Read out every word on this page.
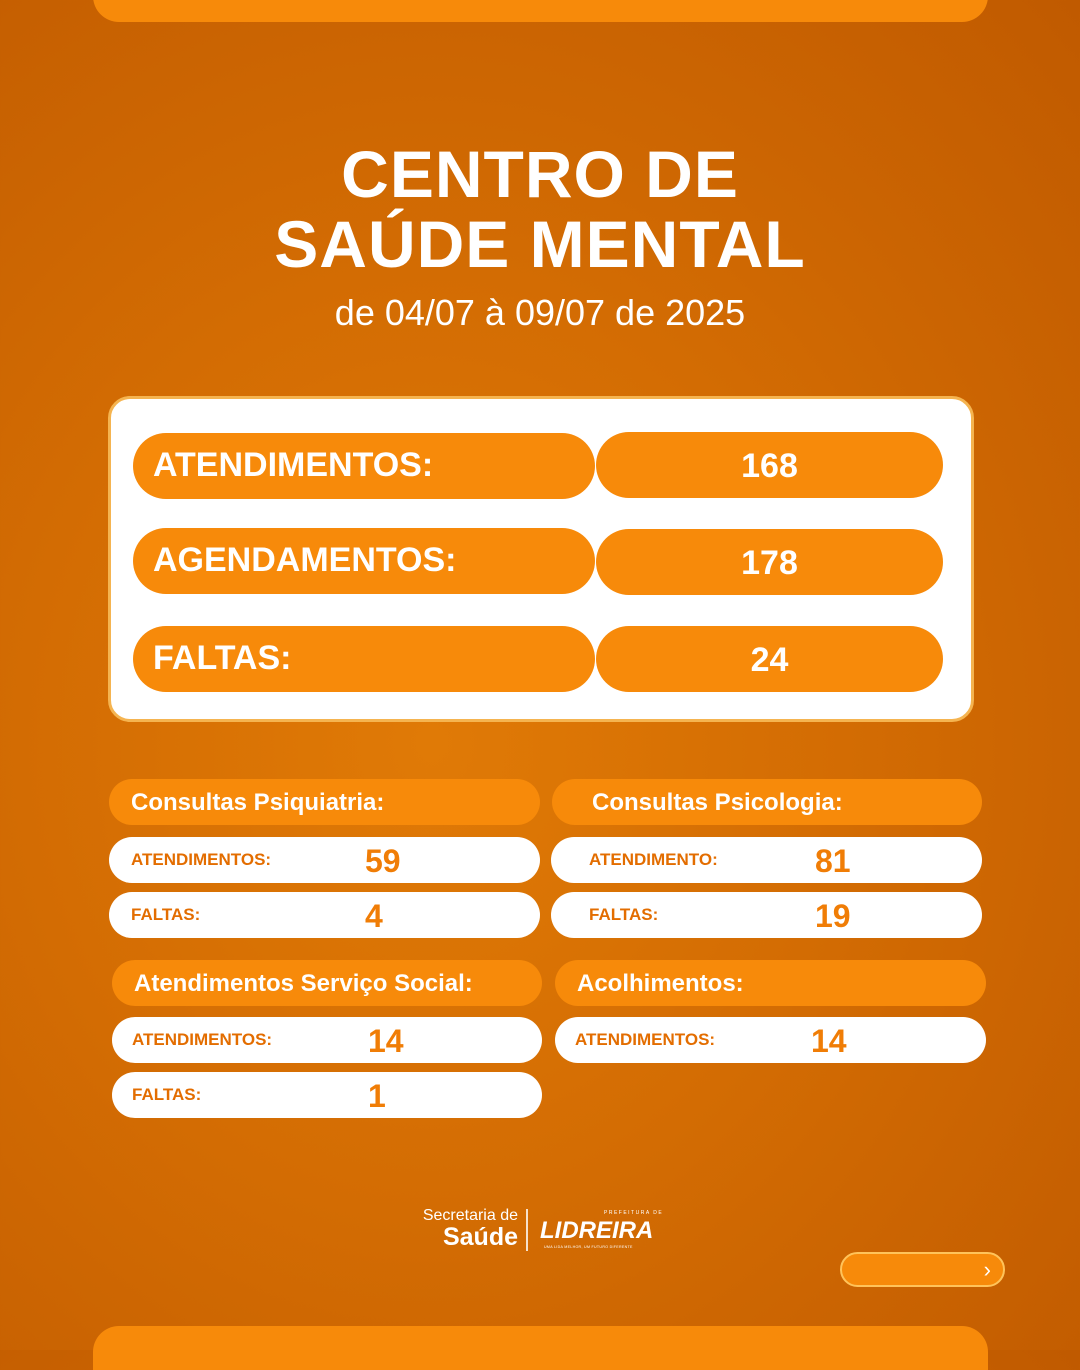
CENTRO DE
SAÚDE MENTAL
de 04/07 à 09/07 de 2025
ATENDIMENTOS:	168
AGENDAMENTOS:	178
FALTAS:	24
Consultas Psiquiatria:
ATENDIMENTOS:	59
FALTAS:	4
Consultas Psicologia:
ATENDIMENTO:	81
FALTAS:	19
Atendimentos Serviço Social:
ATENDIMENTOS:	14
FALTAS:	1
Acolhimentos:
ATENDIMENTOS:	14
Secretaria de
Saúde
PREFEITURA DE
LIDREIRA
UMA LIDA MELHOR, UM FUTURO DIFERENTE
›
